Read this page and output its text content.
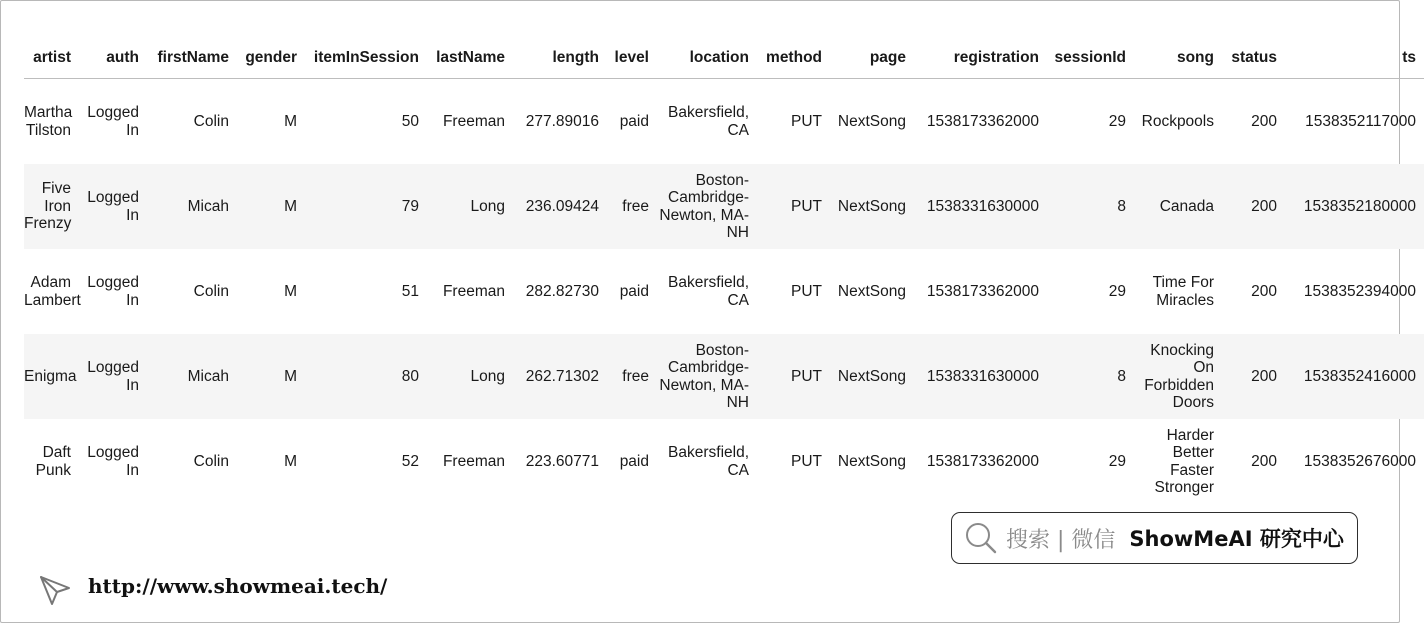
artist	auth	firstName	gender	itemInSession	lastName	length	level	location	method	page	registration	sessionId	song	status	ts
Martha Tilston	Logged In	Colin	M	50	Freeman	277.89016	paid	Bakersfield, CA	PUT	NextSong	1538173362000	29	Rockpools	200	1538352117000
Five Iron Frenzy	Logged In	Micah	M	79	Long	236.09424	free	Boston-Cambridge-Newton, MA-NH	PUT	NextSong	1538331630000	8	Canada	200	1538352180000
Adam Lambert	Logged In	Colin	M	51	Freeman	282.82730	paid	Bakersfield, CA	PUT	NextSong	1538173362000	29	Time For Miracles	200	1538352394000
Enigma	Logged In	Micah	M	80	Long	262.71302	free	Boston-Cambridge-Newton, MA-NH	PUT	NextSong	1538331630000	8	Knocking On Forbidden Doors	200	1538352416000
Daft Punk	Logged In	Colin	M	52	Freeman	223.60771	paid	Bakersfield, CA	PUT	NextSong	1538173362000	29	Harder Better Faster Stronger	200	1538352676000
搜索 | 微信 ShowMeAI 研究中心
http://www.showmeai.tech/
